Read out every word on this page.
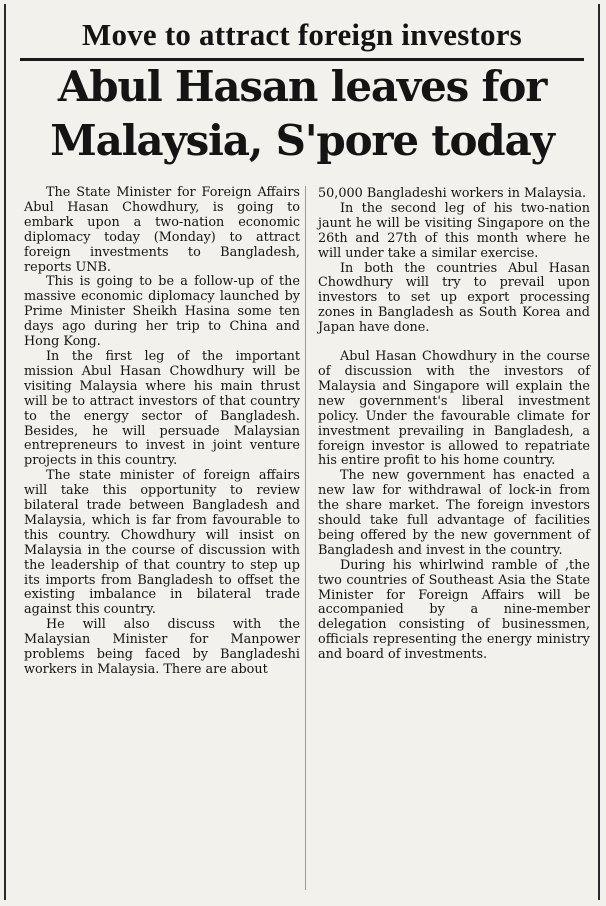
Move to attract foreign investors
Abul Hasan leaves for
Malaysia, S'pore today

The State Minister for Foreign Affairs Abul Hasan Chowdhury, is going to embark upon a two-nation economic diplomacy today (Monday) to attract foreign investments to Bangladesh, reports UNB.

This is going to be a follow-up of the massive economic diplomacy launched by Prime Minister Sheikh Hasina some ten days ago during her trip to China and Hong Kong.

In the first leg of the important mission Abul Hasan Chowdhury will be visiting Malaysia where his main thrust will be to attract investors of that country to the energy sector of Bangladesh. Besides, he will persuade Malaysian entrepreneurs to invest in joint venture projects in this country.

The state minister of foreign affairs will take this opportunity to review bilateral trade between Bangladesh and Malaysia, which is far from favourable to this country. Chowdhury will insist on Malaysia in the course of discussion with the leadership of that country to step up its imports from Bangladesh to offset the existing imbalance in bilateral trade against this country.

He will also discuss with the Malaysian Minister for Manpower problems being faced by Bangladeshi workers in Malaysia. There are about

50,000 Bangladeshi workers in Malaysia.

In the second leg of his two-nation jaunt he will be visiting Singapore on the 26th and 27th of this month where he will under take a similar exercise.

In both the countries Abul Hasan Chowdhury will try to prevail upon investors to set up export processing zones in Bangladesh as South Korea and Japan have done.

Abul Hasan Chowdhury in the course of discussion with the investors of Malaysia and Singapore will explain the new government's liberal investment policy. Under the favourable climate for investment prevailing in Bangladesh, a foreign investor is allowed to repatriate his entire profit to his home country.

The new government has enacted a new law for withdrawal of lock-in from the share market. The foreign investors should take full advantage of facilities being offered by the new government of Bangladesh and invest in the country.

During his whirlwind ramble of ,the two countries of Southeast Asia the State Minister for Foreign Affairs will be accompanied by a nine-member delegation consisting of businessmen, officials representing the energy ministry and board of investments.
